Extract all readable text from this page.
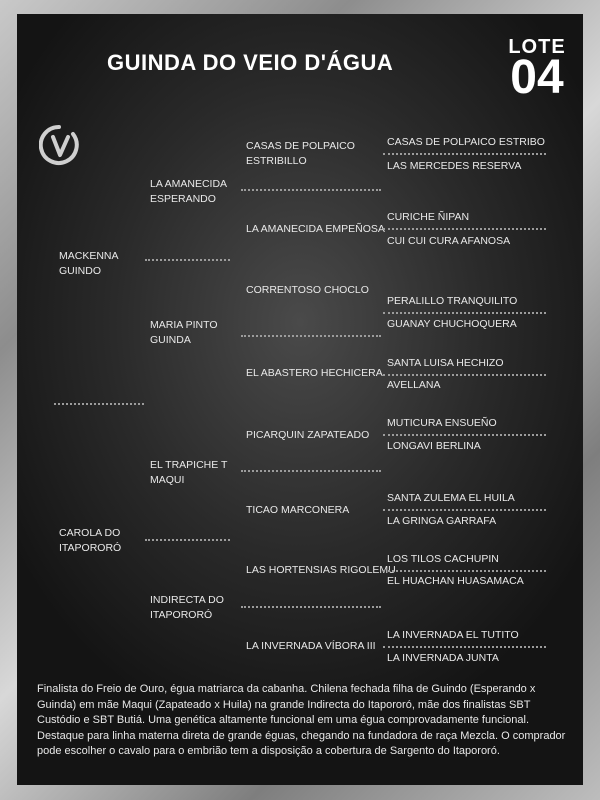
GUINDA DO VEIO D'ÁGUA
LOTE
04
MACKENNA
GUINDO
CAROLA DO
ITAPORORÓ
LA AMANECIDA
ESPERANDO
MARIA PINTO
GUINDA
EL TRAPICHE T
MAQUI
INDIRECTA DO
ITAPORORÓ
CASAS DE POLPAICO
ESTRIBILLO
LA AMANECIDA EMPEÑOSA
CORRENTOSO CHOCLO
EL ABASTERO HECHICERA
PICARQUIN ZAPATEADO
TICAO MARCONERA
LAS HORTENSIAS RIGOLEMU
LA INVERNADA VÍBORA III
CASAS DE POLPAICO ESTRIBO
LAS MERCEDES RESERVA
CURICHE ÑIPAN
CUI CUI CURA AFANOSA
PERALILLO TRANQUILITO
GUANAY CHUCHOQUERA
SANTA LUISA HECHIZO
AVELLANA
MUTICURA ENSUEÑO
LONGAVI BERLINA
SANTA ZULEMA EL HUILA
LA GRINGA GARRAFA
LOS TILOS CACHUPIN
EL HUACHAN HUASAMACA
LA INVERNADA EL TUTITO
LA INVERNADA JUNTA
Finalista do Freio de Ouro, égua matriarca da cabanha. Chilena fechada filha de Guindo (Esperando x Guinda) em mãe Maqui (Zapateado x Huila) na grande Indirecta do Itapororó, mãe dos finalistas SBT Custódio e SBT Butiá. Uma genética altamente funcional em uma égua comprovadamente funcional. Destaque para linha materna direta de grande éguas, chegando na fundadora de raça Mezcla. O comprador pode escolher o cavalo para o embrião tem a disposição a cobertura de Sargento do Itapororó.
